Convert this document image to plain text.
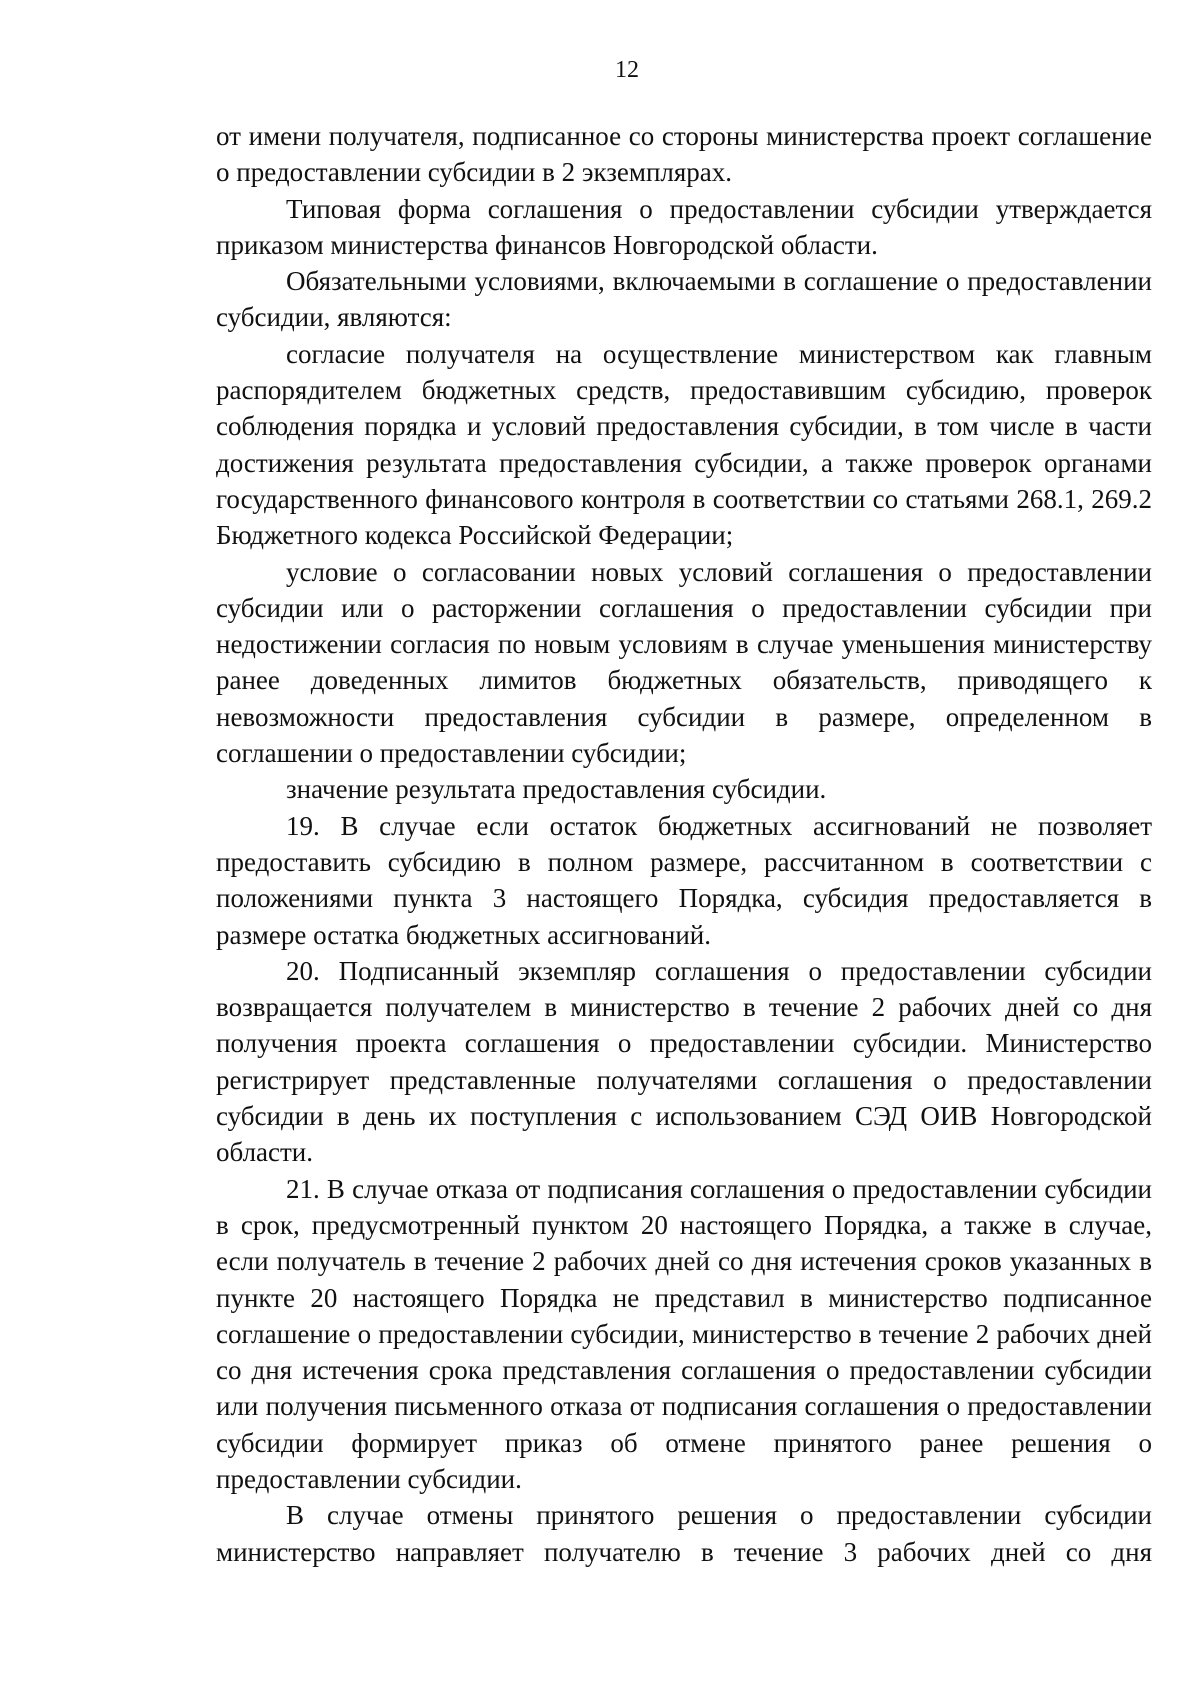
12

от имени получателя, подписанное со стороны министерства проект соглашение о предоставлении субсидии в 2 экземплярах.

Типовая форма соглашения о предоставлении субсидии утверждается приказом министерства финансов Новгородской области.

Обязательными условиями, включаемыми в соглашение о предоставлении субсидии, являются:

согласие получателя на осуществление министерством как главным распорядителем бюджетных средств, предоставившим субсидию, проверок соблюдения порядка и условий предоставления субсидии, в том числе в части достижения результата предоставления субсидии, а также проверок органами государственного финансового контроля в соответствии со статьями 268.1, 269.2 Бюджетного кодекса Российской Федерации;

условие о согласовании новых условий соглашения о предоставлении субсидии или о расторжении соглашения о предоставлении субсидии при недостижении согласия по новым условиям в случае уменьшения министерству ранее доведенных лимитов бюджетных обязательств, приводящего к невозможности предоставления субсидии в размере, определенном в соглашении о предоставлении субсидии;

значение результата предоставления субсидии.

19. В случае если остаток бюджетных ассигнований не позволяет предоставить субсидию в полном размере, рассчитанном в соответствии с положениями пункта 3 настоящего Порядка, субсидия предоставляется в размере остатка бюджетных ассигнований.

20. Подписанный экземпляр соглашения о предоставлении субсидии возвращается получателем в министерство в течение 2 рабочих дней со дня получения проекта соглашения о предоставлении субсидии. Министерство регистрирует представленные получателями соглашения о предоставлении субсидии в день их поступления с использованием СЭД ОИВ Новгородской области.

21. В случае отказа от подписания соглашения о предоставлении субсидии в срок, предусмотренный пунктом 20 настоящего Порядка, а также в случае, если получатель в течение 2 рабочих дней со дня истечения сроков указанных в пункте 20 настоящего Порядка не представил в министерство подписанное соглашение о предоставлении субсидии, министерство в течение 2 рабочих дней со дня истечения срока представления соглашения о предоставлении субсидии или получения письменного отказа от подписания соглашения о предоставлении субсидии формирует приказ об отмене принятого ранее решения о предоставлении субсидии.

В случае отмены принятого решения о предоставлении субсидии министерство направляет получателю в течение 3 рабочих дней со дня
